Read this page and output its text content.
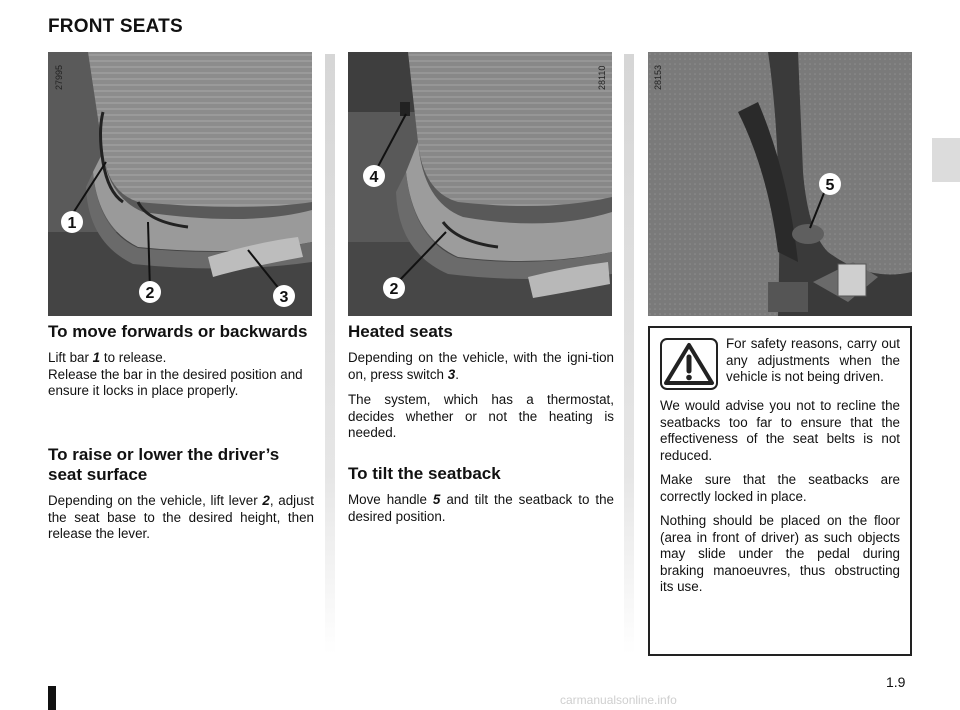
FRONT SEATS
1
2	3
27995
4
2
28110
5
28153
To move forwards or backwards

Lift bar 1 to release.
Release the bar in the desired position and ensure it locks in place properly.

To raise or lower the driver’s seat surface

Depending on the vehicle, lift lever 2, adjust the seat base to the desired height, then release the lever.

Heated seats

Depending on the vehicle, with the igni-tion on, press switch 3.

The system, which has a thermostat, decides whether or not the heating is needed.

To tilt the seatback

Move handle 5 and tilt the seatback to the desired position.

For safety reasons, carry out any adjustments when the vehicle is not being driven.

We would advise you not to recline the seatbacks too far to ensure that the effectiveness of the seat belts is not reduced.

Make sure that the seatbacks are correctly locked in place.

Nothing should be placed on the floor (area in front of driver) as such objects may slide under the pedal during braking manoeuvres, thus obstructing its use.

1.9
carmanualsonline.info
